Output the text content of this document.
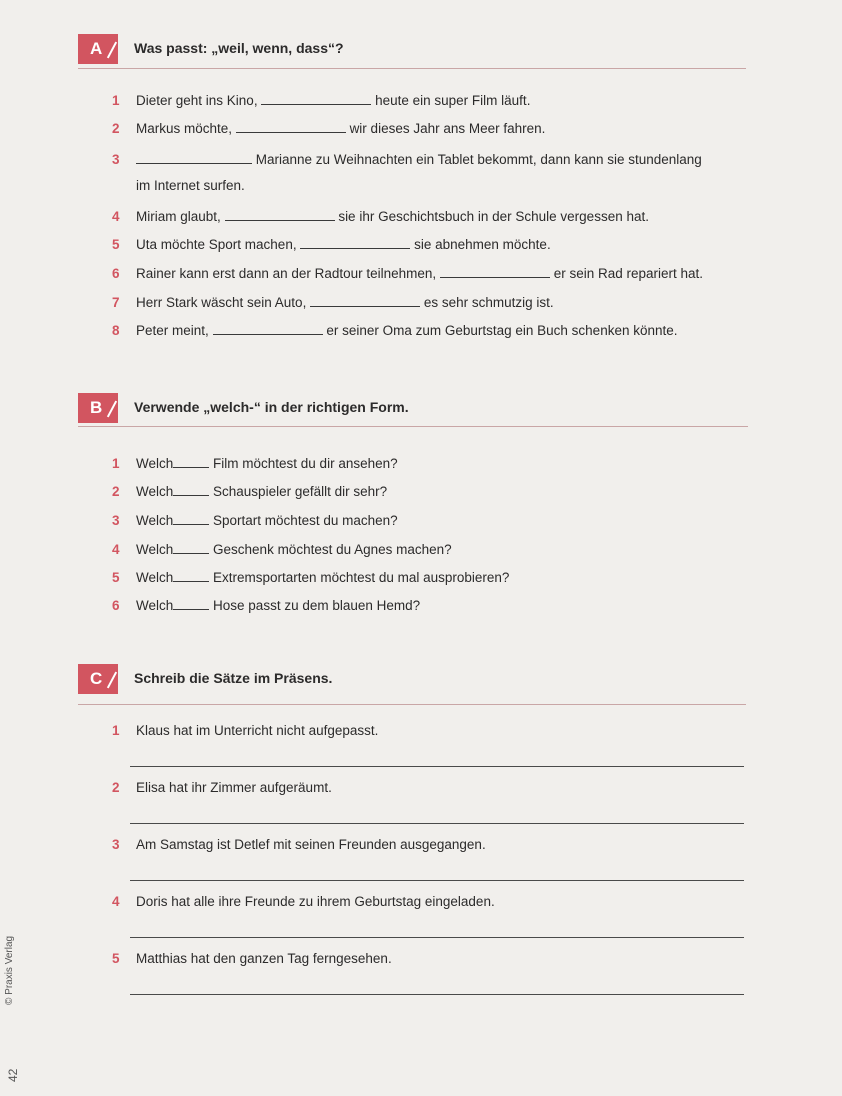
A	Was passt: „weil, wenn, dass“?
1	Dieter geht ins Kino,	heute ein super Film läuft.
2	Markus möchte,	wir dieses Jahr ans Meer fahren.
3	Marianne zu Weihnachten ein Tablet bekommt, dann kann sie stundenlang
im Internet surfen.
4	Miriam glaubt,	sie ihr Geschichtsbuch in der Schule vergessen hat.
5	Uta möchte Sport machen,	sie abnehmen möchte.
6	Rainer kann erst dann an der Radtour teilnehmen,	er sein Rad repariert hat.
7	Herr Stark wäscht sein Auto,	es sehr schmutzig ist.
8	Peter meint,	er seiner Oma zum Geburtstag ein Buch schenken könnte.
B	Verwende „welch-“ in der richtigen Form.
1	Welch	Film möchtest du dir ansehen?
2	Welch	Schauspieler gefällt dir sehr?
3	Welch	Sportart möchtest du machen?
4	Welch	Geschenk möchtest du Agnes machen?
5	Welch	Extremsportarten möchtest du mal ausprobieren?
6	Welch	Hose passt zu dem blauen Hemd?
C	Schreib die Sätze im Präsens.
1	Klaus hat im Unterricht nicht aufgepasst.
2	Elisa hat ihr Zimmer aufgeräumt.
3	Am Samstag ist Detlef mit seinen Freunden ausgegangen.
4	Doris hat alle ihre Freunde zu ihrem Geburtstag eingeladen.
5	Matthias hat den ganzen Tag ferngesehen.
© Praxis Verlag
42
